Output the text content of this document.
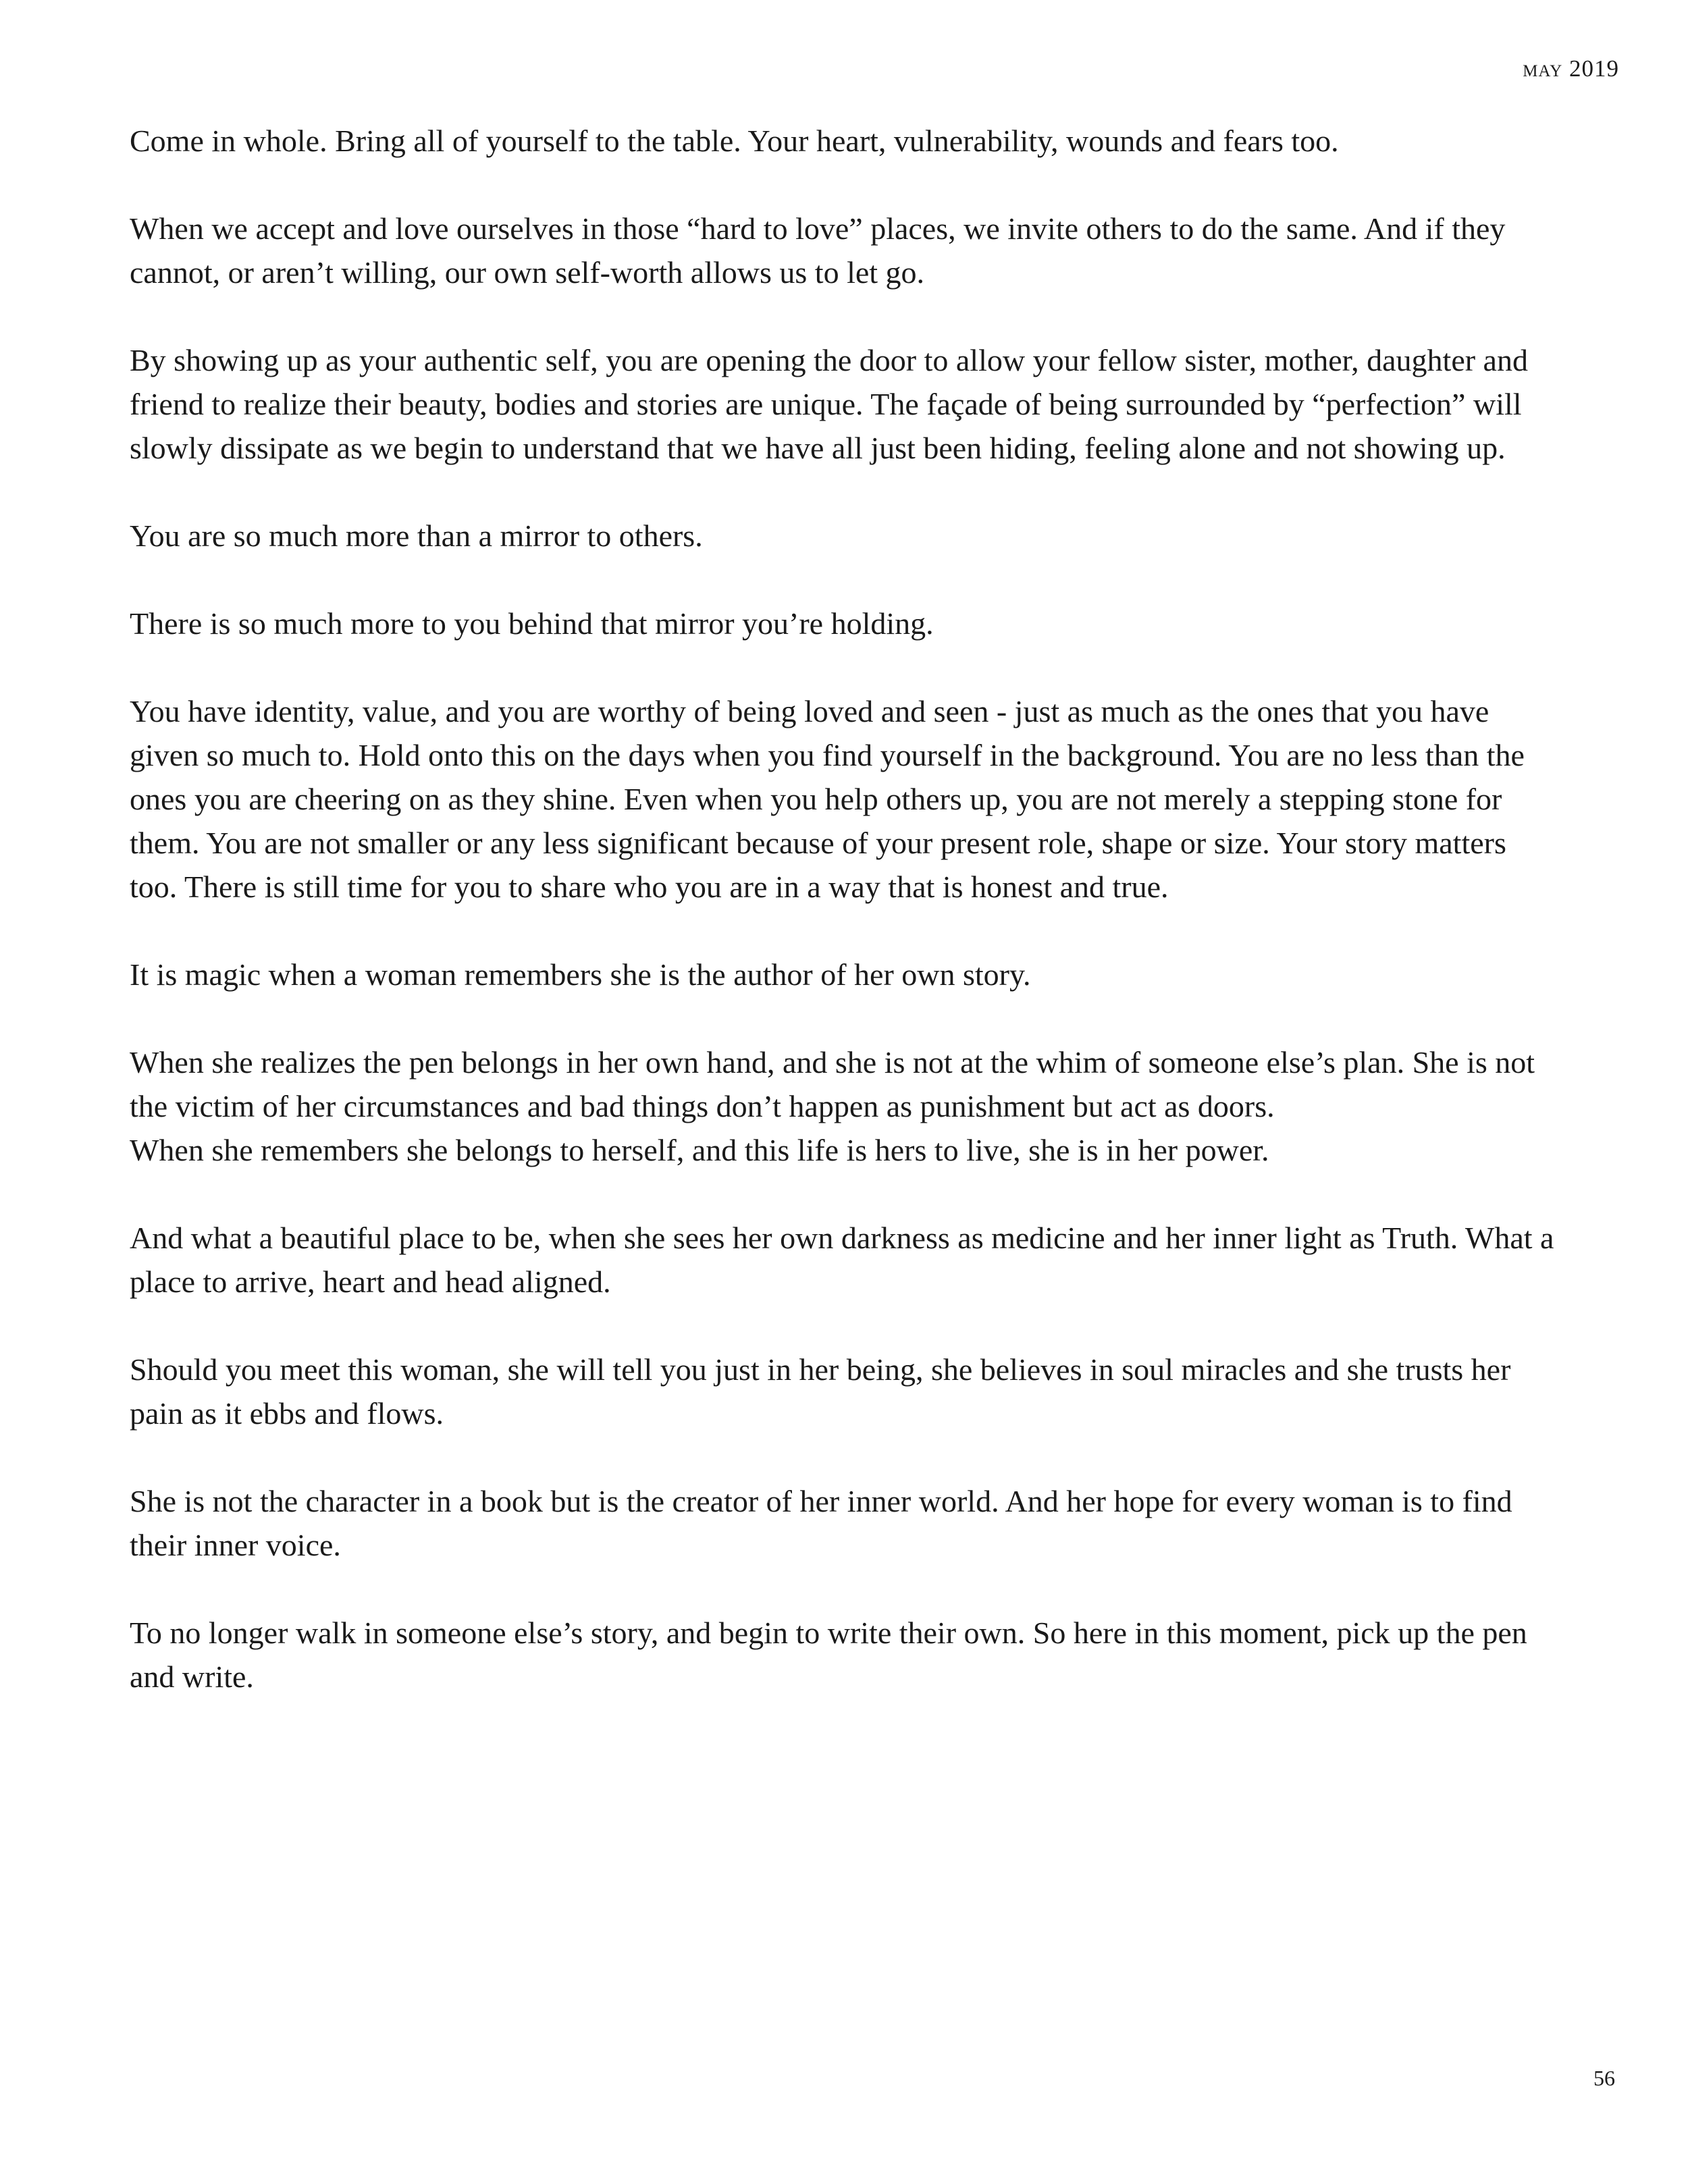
may 2019

Come in whole. Bring all of yourself to the table. Your heart, vulnerability, wounds and fears too.

When we accept and love ourselves in those “hard to love” places, we invite others to do the same. And if they cannot, or aren’t willing, our own self-worth allows us to let go.

By showing up as your authentic self, you are opening the door to allow your fellow sister, mother, daughter and friend to realize their beauty, bodies and stories are unique. The façade of being surrounded by “perfection” will slowly dissipate as we begin to understand that we have all just been hiding, feeling alone and not showing up.

You are so much more than a mirror to others.

There is so much more to you behind that mirror you’re holding.

You have identity, value, and you are worthy of being loved and seen - just as much as the ones that you have given so much to. Hold onto this on the days when you find yourself in the background. You are no less than the ones you are cheering on as they shine. Even when you help others up, you are not merely a stepping stone for them. You are not smaller or any less significant because of your present role, shape or size. Your story matters too. There is still time for you to share who you are in a way that is honest and true.

It is magic when a woman remembers she is the author of her own story.

When she realizes the pen belongs in her own hand, and she is not at the whim of someone else’s plan. She is not the victim of her circumstances and bad things don’t happen as punishment but act as doors.

When she remembers she belongs to herself, and this life is hers to live, she is in her power.

And what a beautiful place to be, when she sees her own darkness as medicine and her inner light as Truth. What a place to arrive, heart and head aligned.

Should you meet this woman, she will tell you just in her being, she believes in soul miracles and she trusts her pain as it ebbs and flows.

She is not the character in a book but is the creator of her inner world. And her hope for every woman is to find their inner voice.

To no longer walk in someone else’s story, and begin to write their own. So here in this moment, pick up the pen and write.

56
